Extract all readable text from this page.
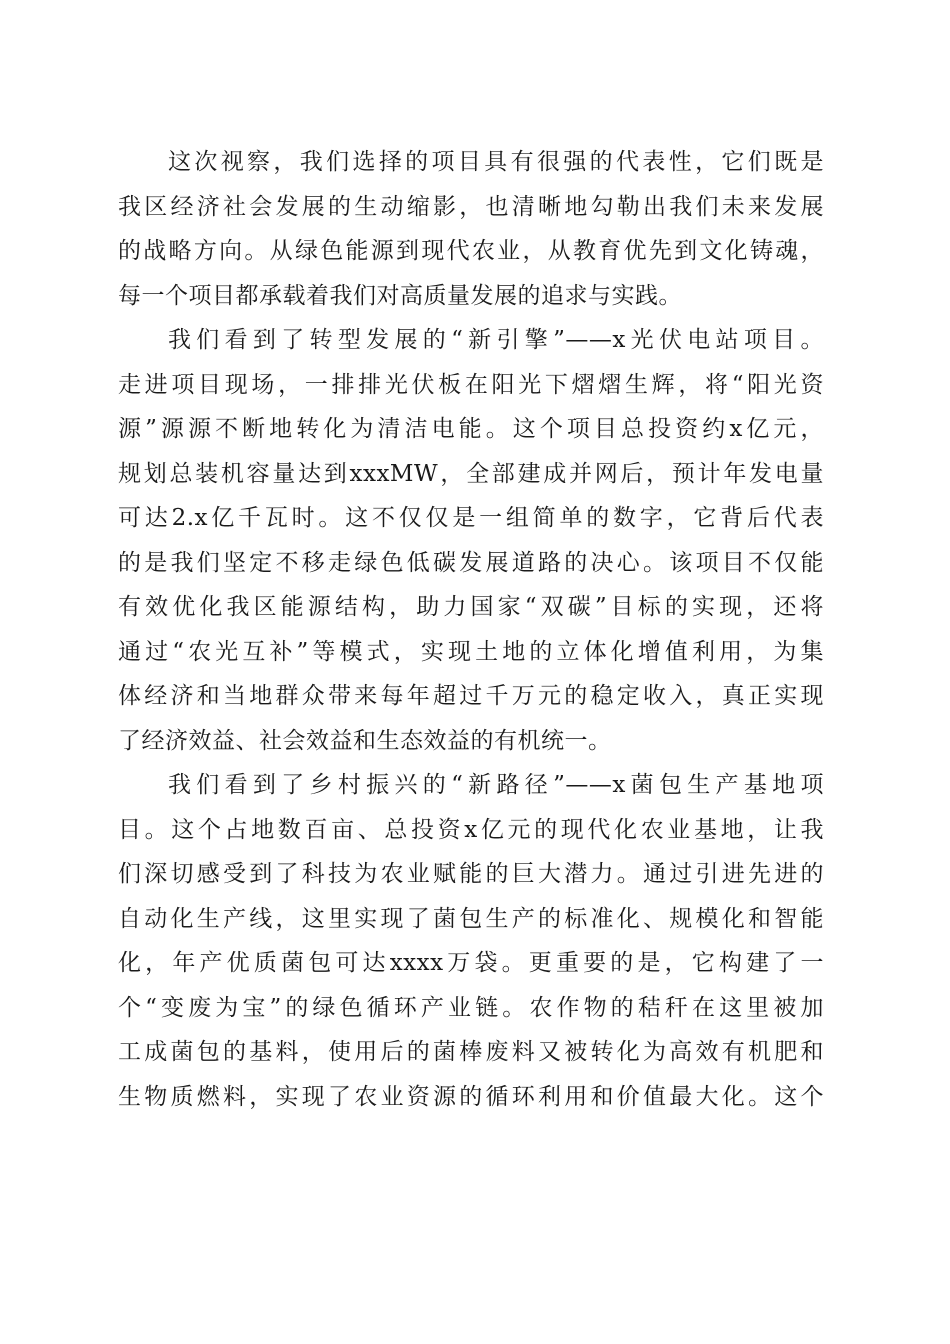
这次视察，我们选择的项目具有很强的代表性，它们既是
我区经济社会发展的生动缩影，也清晰地勾勒出我们未来发展
的战略方向。从绿色能源到现代农业，从教育优先到文化铸魂，
每一个项目都承载着我们对高质量发展的追求与实践。
我们看到了转型发展的“新引擎”——x光伏电站项目。
走进项目现场，一排排光伏板在阳光下熠熠生辉，将“阳光资
源”源源不断地转化为清洁电能。这个项目总投资约x亿元，
规划总装机容量达到xxxMW，全部建成并网后，预计年发电量
可达2.x亿千瓦时。这不仅仅是一组简单的数字，它背后代表
的是我们坚定不移走绿色低碳发展道路的决心。该项目不仅能
有效优化我区能源结构，助力国家“双碳”目标的实现，还将
通过“农光互补”等模式，实现土地的立体化增值利用，为集
体经济和当地群众带来每年超过千万元的稳定收入，真正实现
了经济效益、社会效益和生态效益的有机统一。
我们看到了乡村振兴的“新路径”——x菌包生产基地项
目。这个占地数百亩、总投资x亿元的现代化农业基地，让我
们深切感受到了科技为农业赋能的巨大潜力。通过引进先进的
自动化生产线，这里实现了菌包生产的标准化、规模化和智能
化，年产优质菌包可达xxxx万袋。更重要的是，它构建了一
个“变废为宝”的绿色循环产业链。农作物的秸秆在这里被加
工成菌包的基料，使用后的菌棒废料又被转化为高效有机肥和
生物质燃料，实现了农业资源的循环利用和价值最大化。这个
